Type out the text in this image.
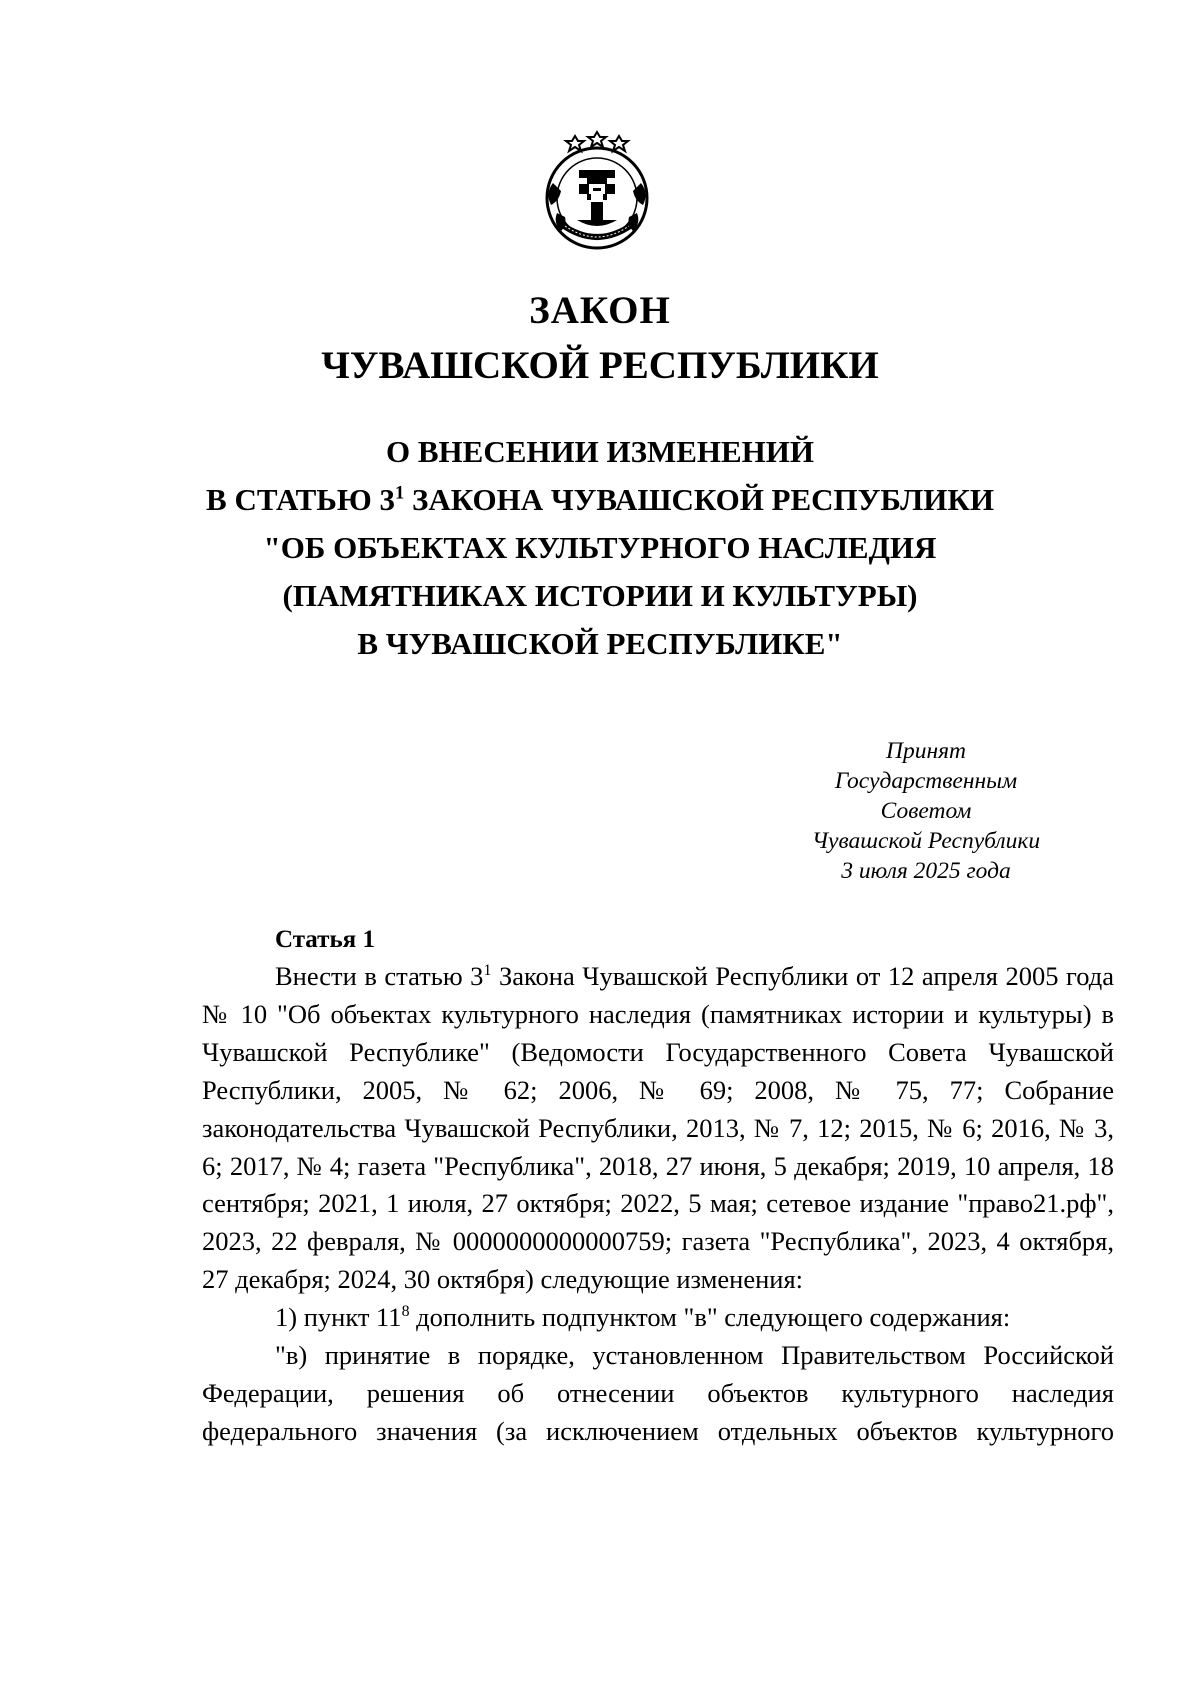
ЗАКОН
ЧУВАШСКОЙ РЕСПУБЛИКИ
О ВНЕСЕНИИ ИЗМЕНЕНИЙ
В СТАТЬЮ $3^1$ ЗАКОНА ЧУВАШСКОЙ РЕСПУБЛИКИ
"ОБ ОБЪЕКТАХ КУЛЬТУРНОГО НАСЛЕДИЯ
(ПАМЯТНИКАХ ИСТОРИИ И КУЛЬТУРЫ)
В ЧУВАШСКОЙ РЕСПУБЛИКЕ"
Принят
Государственным Советом
Чувашской Республики
3 июля 2025 года
Статья 1

Внести в статью $3^1$ Закона Чувашской Республики от 12 апреля 2005 года № 10 "Об объектах культурного наследия (памятниках истории и культуры) в Чувашской Республике" (Ведомости Государственного Совета Чувашской Республики, 2005, № 62; 2006, № 69; 2008, № 75, 77; Собрание законодательства Чувашской Республики, 2013, № 7, 12; 2015, № 6; 2016, № 3, 6; 2017, № 4; газета "Республика", 2018, 27 июня, 5 декабря; 2019, 10 апреля, 18 сентября; 2021, 1 июля, 27 октября; 2022, 5 мая; сетевое издание "право21.рф", 2023, 22 февраля, № 0000000000000759; газета "Республика", 2023, 4 октября, 27 декабря; 2024, 30 октября) следующие изменения:

1) пункт $11^8$ дополнить подпунктом "в" следующего содержания:

"в) принятие в порядке, установленном Правительством Российской Федерации, решения об отнесении объектов культурного наследия федерального значения (за исключением отдельных объектов культурного
